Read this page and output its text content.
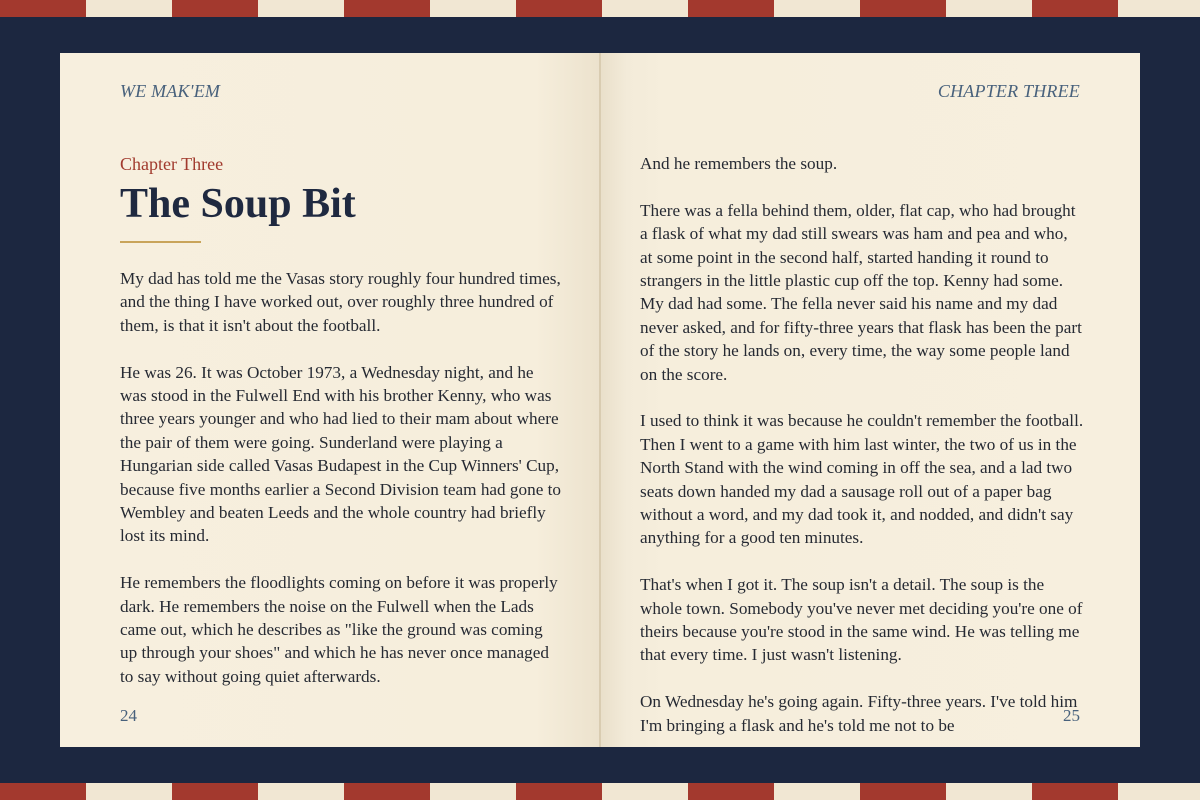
WE MAK'EM
Chapter Three
The Soup Bit

My dad has told me the Vasas story roughly four hundred times, and the thing I have worked out, over roughly three hundred of them, is that it isn't about the football.

He was 26. It was October 1973, a Wednesday night, and he was stood in the Fulwell End with his brother Kenny, who was three years younger and who had lied to their mam about where the pair of them were going. Sunderland were playing a Hungarian side called Vasas Budapest in the Cup Winners' Cup, because five months earlier a Second Division team had gone to Wembley and beaten Leeds and the whole country had briefly lost its mind.

He remembers the floodlights coming on before it was properly dark. He remembers the noise on the Fulwell when the Lads came out, which he describes as "like the ground was coming up through your shoes" and which he has never once managed to say without going quiet afterwards.

24
CHAPTER THREE

And he remembers the soup.

There was a fella behind them, older, flat cap, who had brought a flask of what my dad still swears was ham and pea and who, at some point in the second half, started handing it round to strangers in the little plastic cup off the top. Kenny had some. My dad had some. The fella never said his name and my dad never asked, and for fifty-three years that flask has been the part of the story he lands on, every time, the way some people land on the score.

I used to think it was because he couldn't remember the football. Then I went to a game with him last winter, the two of us in the North Stand with the wind coming in off the sea, and a lad two seats down handed my dad a sausage roll out of a paper bag without a word, and my dad took it, and nodded, and didn't say anything for a good ten minutes.

That's when I got it. The soup isn't a detail. The soup is the whole town. Somebody you've never met deciding you're one of theirs because you're stood in the same wind. He was telling me that every time. I just wasn't listening.

On Wednesday he's going again. Fifty-three years. I've told him I'm bringing a flask and he's told me not to be

25
